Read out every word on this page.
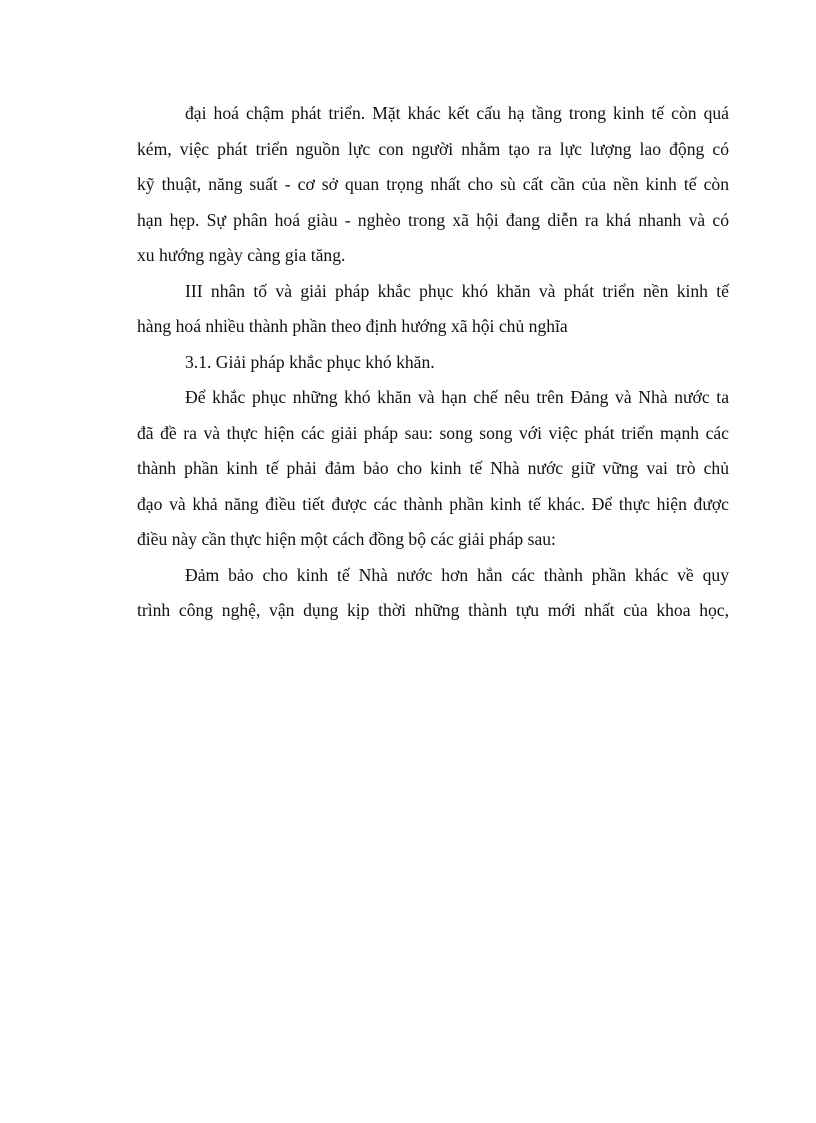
đại hoá chậm phát triển. Mặt khác kết cấu hạ tầng trong kinh tế còn quá
kém, việc phát triển nguồn lực con người nhằm tạo ra lực lượng lao động có
kỹ thuật, năng suất - cơ sở quan trọng nhất cho sù cất cần của nền kinh tế còn
hạn hẹp. Sự phân hoá giàu - nghèo trong xã hội đang diễn ra khá nhanh và có
xu hướng ngày càng gia tăng.
III nhân tố và giải pháp khắc phục khó khăn và phát triển nền kinh tế
hàng hoá nhiều thành phần theo định hướng xã hội chủ nghĩa
3.1. Giải pháp khắc phục khó khăn.
Để khắc phục những khó khăn và hạn chế nêu trên Đảng và Nhà nước ta
đã đề ra và thực hiện các giải pháp sau: song song với việc phát triển mạnh các
thành phần kinh tế phải đảm bảo cho kinh tế Nhà nước giữ vững vai trò chủ
đạo và khả năng điều tiết được các thành phần kinh tế khác. Để thực hiện được
điều này cần thực hiện một cách đồng bộ các giải pháp sau:
Đảm bảo cho kinh tế Nhà nước hơn hẳn các thành phần khác về quy
trình công nghệ, vận dụng kịp thời những thành tựu mới nhất của khoa học,
